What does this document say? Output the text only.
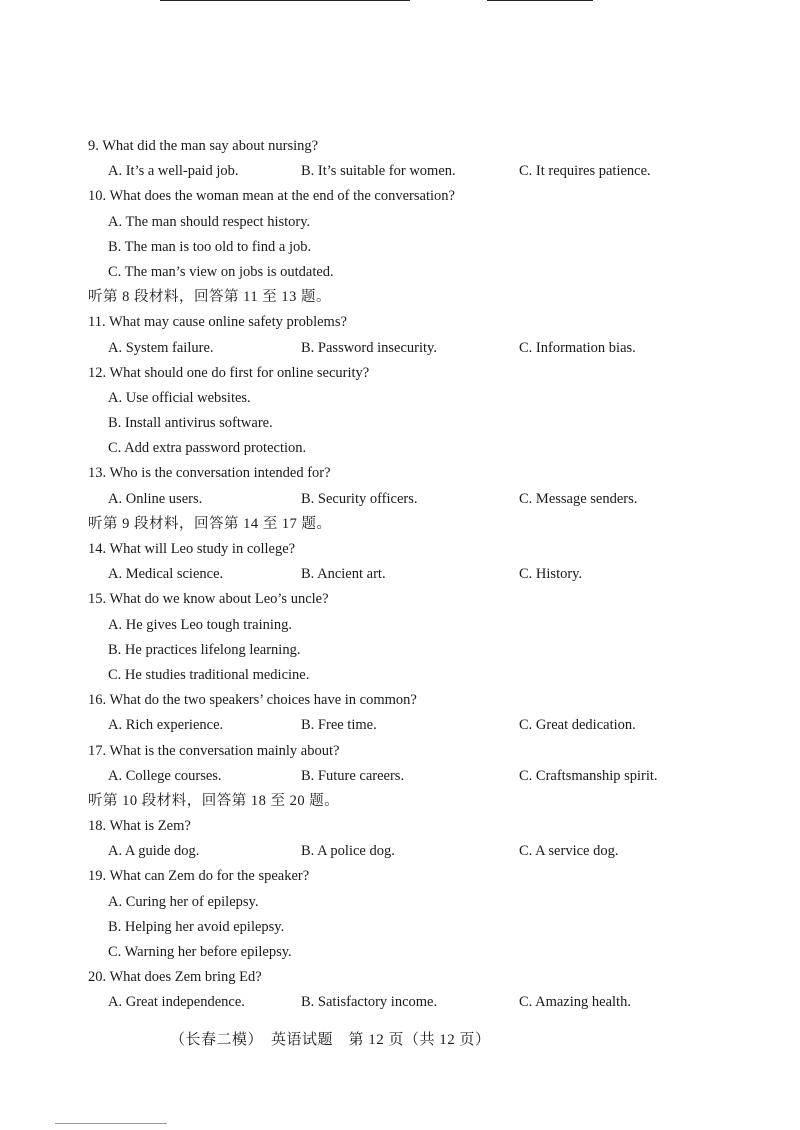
9. What did the man say about nursing?
A. It’s a well-paid job.	B. It’s suitable for women.	C. It requires patience.
10. What does the woman mean at the end of the conversation?
A. The man should respect history.
B. The man is too old to find a job.
C. The man’s view on jobs is outdated.
听第 8 段材料，回答第 11 至 13 题。
11. What may cause online safety problems?
A. System failure.	B. Password insecurity.	C. Information bias.
12. What should one do first for online security?
A. Use official websites.
B. Install antivirus software.
C. Add extra password protection.
13. Who is the conversation intended for?
A. Online users.	B. Security officers.	C. Message senders.
听第 9 段材料，回答第 14 至 17 题。
14. What will Leo study in college?
A. Medical science.	B. Ancient art.	C. History.
15. What do we know about Leo’s uncle?
A. He gives Leo tough training.
B. He practices lifelong learning.
C. He studies traditional medicine.
16. What do the two speakers’ choices have in common?
A. Rich experience.	B. Free time.	C. Great dedication.
17. What is the conversation mainly about?
A. College courses.	B. Future careers.	C. Craftsmanship spirit.
听第 10 段材料，回答第 18 至 20 题。
18. What is Zem?
A. A guide dog.	B. A police dog.	C. A service dog.
19. What can Zem do for the speaker?
A. Curing her of epilepsy.
B. Helping her avoid epilepsy.
C. Warning her before epilepsy.
20. What does Zem bring Ed?
A. Great independence.	B. Satisfactory income.	C. Amazing health.
（长春二模）　英语试题　第 12 页（共 12 页）
